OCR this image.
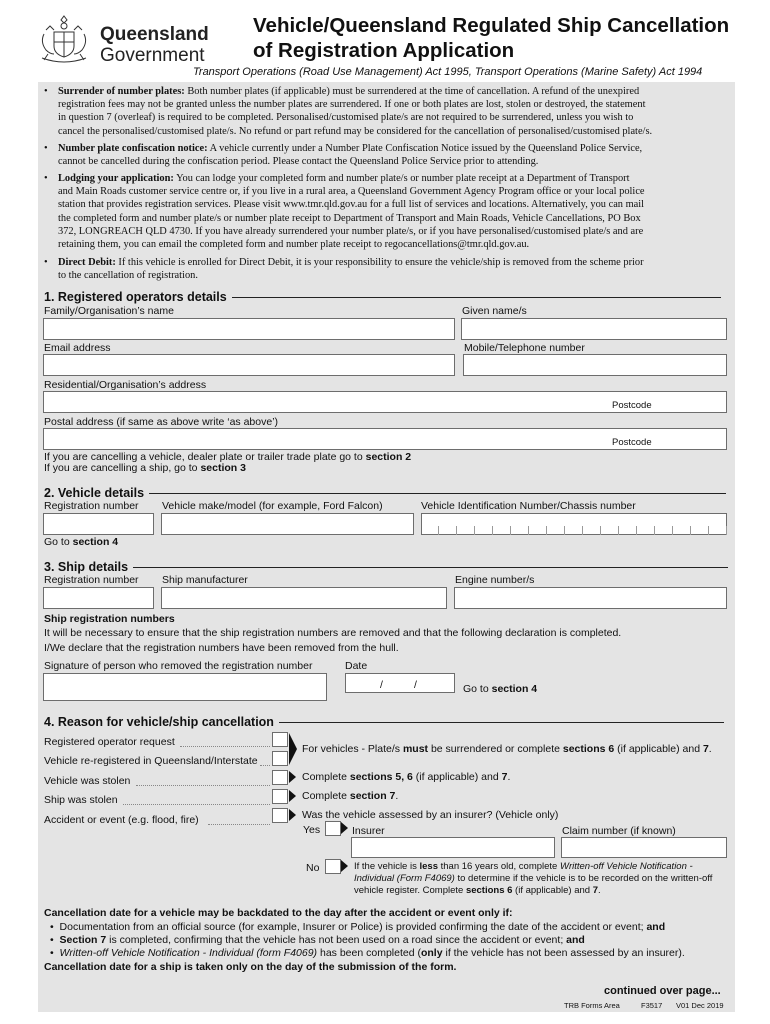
Queensland
Government
Vehicle/Queensland Regulated Ship Cancellation
of Registration Application
Transport Operations (Road Use Management) Act 1995, Transport Operations (Marine Safety) Act 1994
• Surrender of number plates: Both number plates (if applicable) must be surrendered at the time of cancellation. A refund of the unexpired
registration fees may not be granted unless the number plates are surrendered. If one or both plates are lost, stolen or destroyed, the statement
in question 7 (overleaf) is required to be completed. Personalised/customised plate/s are not required to be surrendered, unless you wish to
cancel the personalised/customised plate/s. No refund or part refund may be considered for the cancellation of personalised/customised plate/s.
• Number plate confiscation notice: A vehicle currently under a Number Plate Confiscation Notice issued by the Queensland Police Service,
cannot be cancelled during the confiscation period. Please contact the Queensland Police Service prior to attending.
• Lodging your application: You can lodge your completed form and number plate/s or number plate receipt at a Department of Transport
and Main Roads customer service centre or, if you live in a rural area, a Queensland Government Agency Program office or your local police
station that provides registration services. Please visit www.tmr.qld.gov.au for a full list of services and locations. Alternatively, you can mail
the completed form and number plate/s or number plate receipt to Department of Transport and Main Roads, Vehicle Cancellations, PO Box
372, LONGREACH QLD 4730. If you have already surrendered your number plate/s, or if you have personalised/customised plate/s and are
retaining them, you can email the completed form and number plate receipt to regocancellations@tmr.qld.gov.au.
• Direct Debit: If this vehicle is enrolled for Direct Debit, it is your responsibility to ensure the vehicle/ship is removed from the scheme prior
to the cancellation of registration.
1. Registered operators details
Family/Organisation’s name	Given name/s
Email address	Mobile/Telephone number
Residential/Organisation’s address
Postcode
Postal address (if same as above write ‘as above’)
Postcode
If you are cancelling a vehicle, dealer plate or trailer trade plate go to section 2
If you are cancelling a ship, go to section 3
2. Vehicle details
Registration number Vehicle make/model (for example, Ford Falcon)	Vehicle Identification Number/Chassis number
Go to section 4
3. Ship details
Registration number Ship manufacturer	Engine number/s
Ship registration numbers
It will be necessary to ensure that the ship registration numbers are removed and that the following declaration is completed.
I/We declare that the registration numbers have been removed from the hull.
Signature of person who removed the registration number	Date
/	/	Go to section 4
4. Reason for vehicle/ship cancellation
Registered operator request
Vehicle re-registered in Queensland/Interstate
For vehicles - Plate/s must be surrendered or complete sections 6 (if applicable) and 7.
Vehicle was stolen	Complete sections 5, 6 (if applicable) and 7.
Ship was stolen	Complete section 7.
Accident or event (e.g. flood, fire)	Was the vehicle assessed by an insurer? (Vehicle only)
Yes	Insurer	Claim number (if known)
No	If the vehicle is less than 16 years old, complete Written-off Vehicle Notification -
Individual (Form F4069) to determine if the vehicle is to be recorded on the written-off
vehicle register. Complete sections 6 (if applicable) and 7.
Cancellation date for a vehicle may be backdated to the day after the accident or event only if:
•  Documentation from an official source (for example, Insurer or Police) is provided confirming the date of the accident or event; and
•  Section 7 is completed, confirming that the vehicle has not been used on a road since the accident or event; and
•  Written-off Vehicle Notification - Individual (form F4069) has been completed (only if the vehicle has not been assessed by an insurer).
Cancellation date for a ship is taken only on the day of the submission of the form.
continued over page...
TRB Forms Area	F3517 V01 Dec 2019
